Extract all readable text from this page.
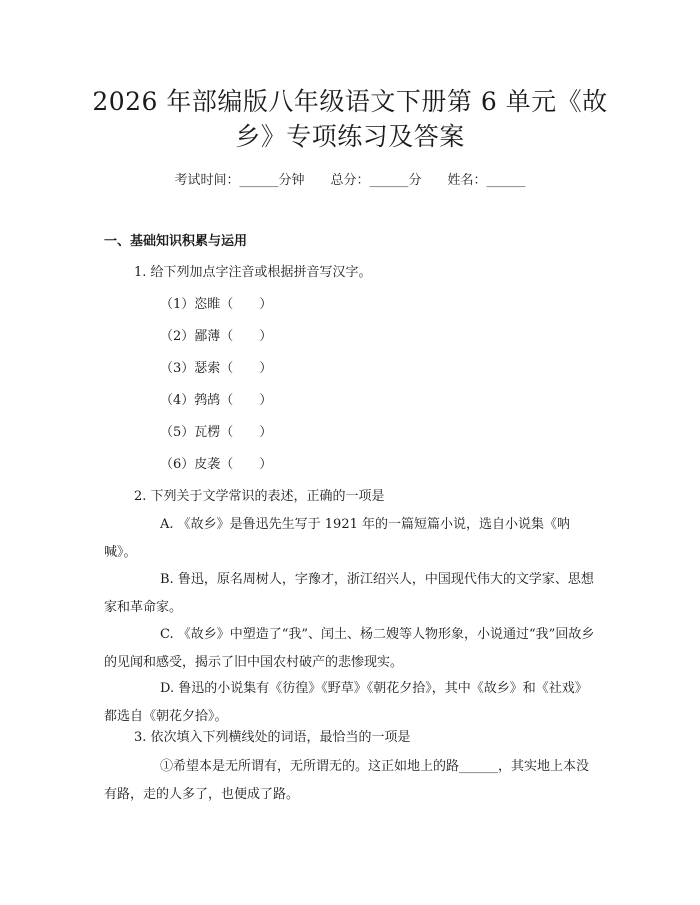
2026 年部编版八年级语文下册第 6 单元《故
乡》专项练习及答案
考试时间：______分钟 总分：______分 姓名：______
一、基础知识积累与运用
1. 给下列加点字注音或根据拼音写汉字。
（1）恣睢（　　）
（2）鄙薄（　　）
（3）瑟索（　　）
（4）鹁鸪（　　）
（5）瓦楞（　　）
（6）皮袭（　　）
2. 下列关于文学常识的表述，正确的一项是

A. 《故乡》是鲁迅先生写于 1921 年的一篇短篇小说，选自小说集《呐喊》。

B. 鲁迅，原名周树人，字豫才，浙江绍兴人，中国现代伟大的文学家、思想家和革命家。

C. 《故乡》中塑造了“我”、闰土、杨二嫂等人物形象，小说通过“我”回故乡的见闻和感受，揭示了旧中国农村破产的悲惨现实。

D. 鲁迅的小说集有《彷徨》《野草》《朝花夕拾》，其中《故乡》和《社戏》都选自《朝花夕拾》。

3. 依次填入下列横线处的词语，最恰当的一项是

①希望本是无所谓有，无所谓无的。这正如地上的路______，其实地上本没有路，走的人多了，也便成了路。
